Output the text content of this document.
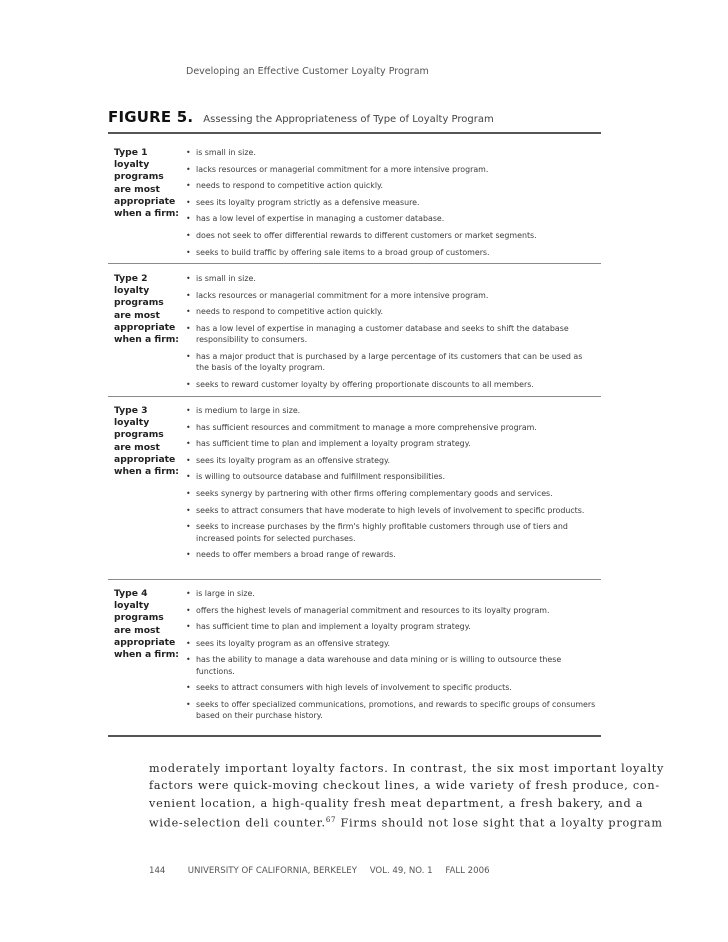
Developing an Effective Customer Loyalty Program
FIGURE 5. Assessing the Appropriateness of Type of Loyalty Program
Type 1 loyalty programs are most appropriate when a firm:
• is small in size.
• lacks resources or managerial commitment for a more intensive program.
• needs to respond to competitive action quickly.
• sees its loyalty program strictly as a defensive measure.
• has a low level of expertise in managing a customer database.
• does not seek to offer differential rewards to different customers or market segments.
• seeks to build traffic by offering sale items to a broad group of customers.
Type 2 loyalty programs are most appropriate when a firm:
• is small in size.
• lacks resources or managerial commitment for a more intensive program.
• needs to respond to competitive action quickly.
• has a low level of expertise in managing a customer database and seeks to shift the database responsibility to consumers.
• has a major product that is purchased by a large percentage of its customers that can be used as the basis of the loyalty program.
• seeks to reward customer loyalty by offering proportionate discounts to all members.
Type 3 loyalty programs are most appropriate when a firm:
• is medium to large in size.
• has sufficient resources and commitment to manage a more comprehensive program.
• has sufficient time to plan and implement a loyalty program strategy.
• sees its loyalty program as an offensive strategy.
• is willing to outsource database and fulfillment responsibilities.
• seeks synergy by partnering with other firms offering complementary goods and services.
• seeks to attract consumers that have moderate to high levels of involvement to specific products.
• seeks to increase purchases by the firm's highly profitable customers through use of tiers and increased points for selected purchases.
• needs to offer members a broad range of rewards.
Type 4 loyalty programs are most appropriate when a firm:
• is large in size.
• offers the highest levels of managerial commitment and resources to its loyalty program.
• has sufficient time to plan and implement a loyalty program strategy.
• sees its loyalty program as an offensive strategy.
• has the ability to manage a data warehouse and data mining or is willing to outsource these functions.
• seeks to attract consumers with high levels of involvement to specific products.
• seeks to offer specialized communications, promotions, and rewards to specific groups of consumers based on their purchase history.

moderately important loyalty factors. In contrast, the six most important loyalty
factors were quick-moving checkout lines, a wide variety of fresh produce, con-
venient location, a high-quality fresh meat department, a fresh bakery, and a
wide-selection deli counter.$^{67}$ Firms should not lose sight that a loyalty program

144	UNIVERSITY OF CALIFORNIA, BERKELEY VOL. 49, NO. 1 FALL 2006
